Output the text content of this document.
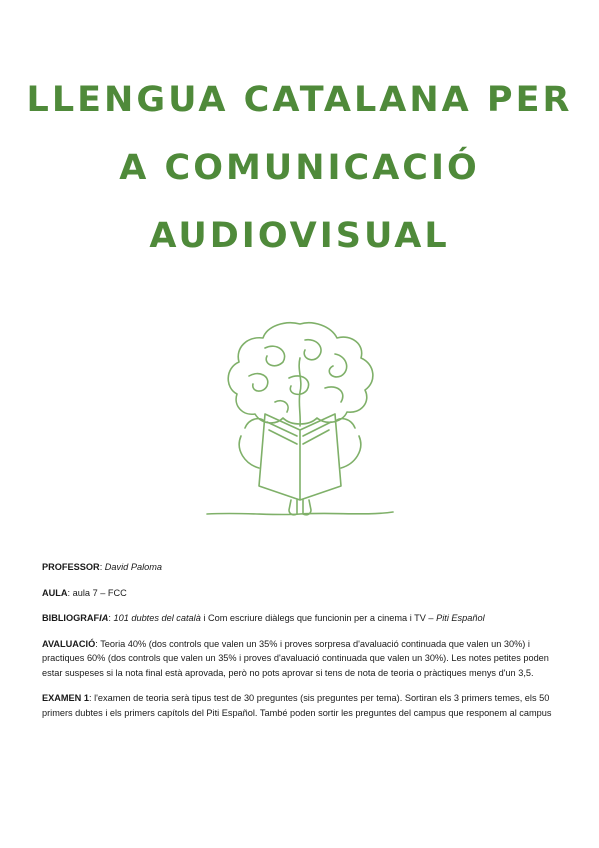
LLENGUA CATALANA PER
A COMUNICACIÓ
AUDIOVISUAL

PROFESSOR: David Paloma

AULA: aula 7 – FCC

BIBLIOGRAFIA: 101 dubtes del català i Com escriure diàlegs que funcionin per a cinema i TV – Piti Español

AVALUACIÓ: Teoria 40% (dos controls que valen un 35% i proves sorpresa d'avaluació continuada que valen un 30%) i practiques 60% (dos controls que valen un 35% i proves d'avaluació continuada que valen un 30%). Les notes petites poden estar suspeses si la nota final està aprovada, però no pots aprovar si tens de nota de teoria o pràctiques menys d'un 3,5.

EXAMEN 1: l'examen de teoria serà tipus test de 30 preguntes (sis preguntes per tema). Sortiran els 3 primers temes, els 50 primers dubtes i els primers capítols del Piti Español. També poden sortir les preguntes del campus que responem al campus
